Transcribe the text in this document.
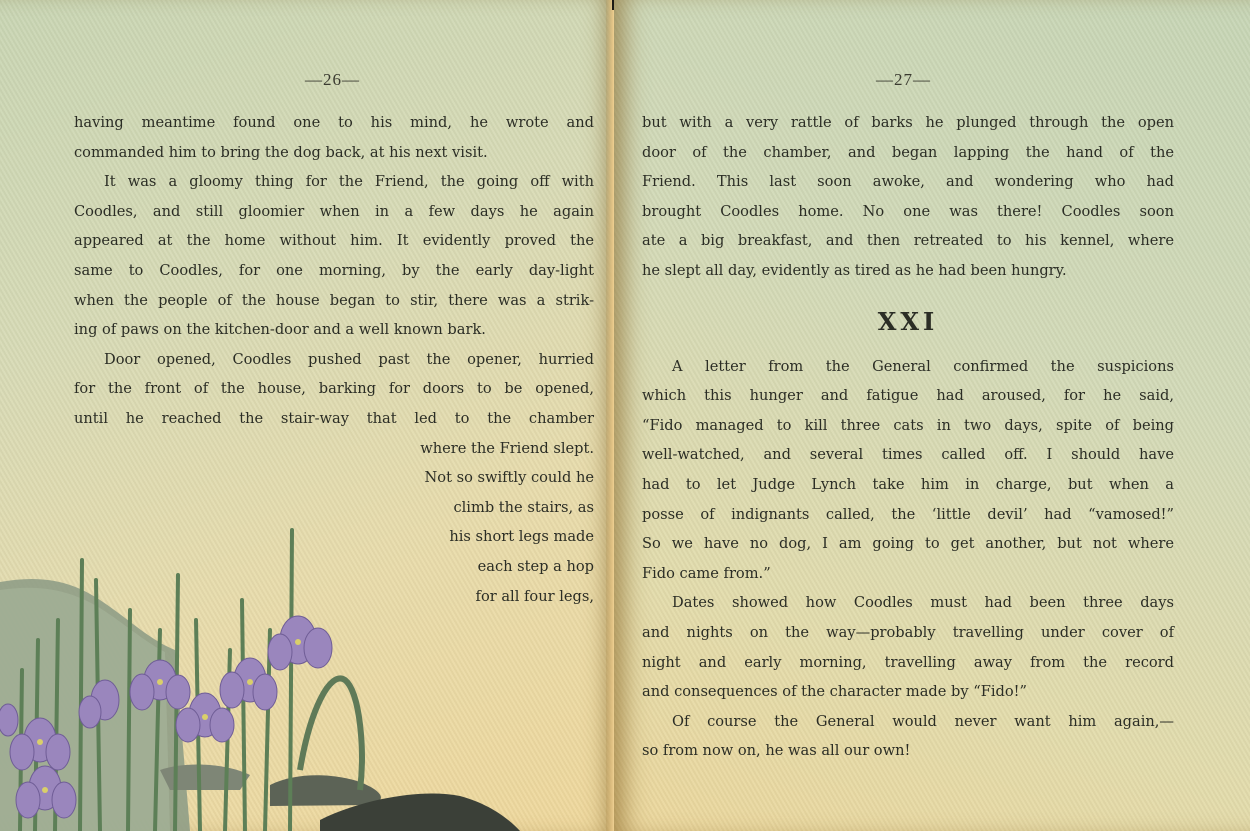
—26—
having meantime found one to his mind, he wrote and
commanded him to bring the dog back, at his next visit.
It was a gloomy thing for the Friend, the going off with
Coodles, and still gloomier when in a few days he again
appeared at the home without him. It evidently proved the
same to Coodles, for one morning, by the early day-light
when the people of the house began to stir, there was a strik-
ing of paws on the kitchen-door and a well known bark.
Door opened, Coodles pushed past the opener, hurried
for the front of the house, barking for doors to be opened,
until he reached the stair-way that led to the chamber
where the Friend slept.
Not so swiftly could he
climb the stairs, as
his short legs made
each step a hop
for all four legs,
—27—
but with a very rattle of barks he plunged through the open
door of the chamber, and began lapping the hand of the
Friend. This last soon awoke, and wondering who had
brought Coodles home. No one was there! Coodles soon
ate a big breakfast, and then retreated to his kennel, where
he slept all day, evidently as tired as he had been hungry.
XXI
A letter from the General confirmed the suspicions
which this hunger and fatigue had aroused, for he said,
“Fido managed to kill three cats in two days, spite of being
well-watched, and several times called off. I should have
had to let Judge Lynch take him in charge, but when a
posse of indignants called, the ‘little devil’ had “vamosed!”
So we have no dog, I am going to get another, but not where
Fido came from.”
Dates showed how Coodles must had been three days
and nights on the way—probably travelling under cover of
night and early morning, travelling away from the record
and consequences of the character made by “Fido!”
Of course the General would never want him again,—
so from now on, he was all our own!
